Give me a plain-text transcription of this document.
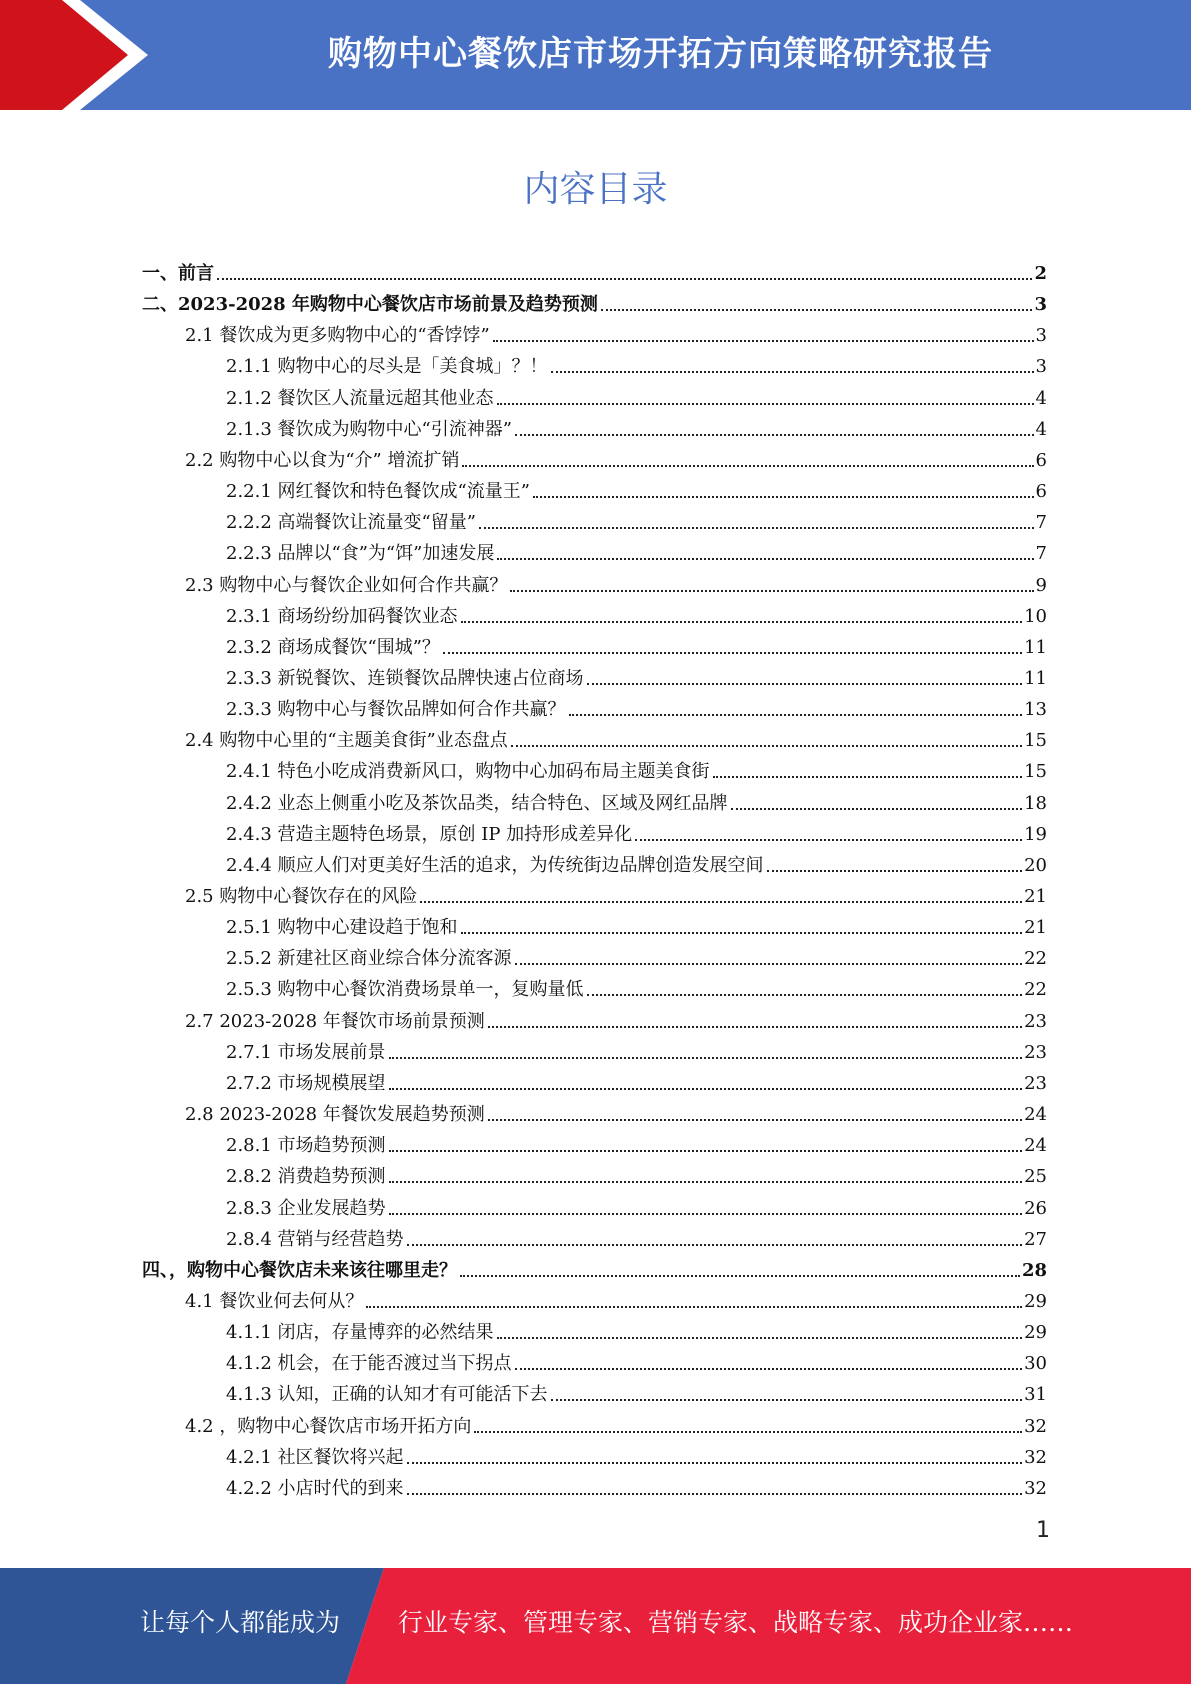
购物中心餐饮店市场开拓方向策略研究报告
内容目录
一、前言	2
二、2023-2028 年购物中心餐饮店市场前景及趋势预测	3
2.1 餐饮成为更多购物中心的“香饽饽”	3
2.1.1 购物中心的尽头是「美食城」？！	3
2.1.2 餐饮区人流量远超其他业态	4
2.1.3 餐饮成为购物中心“引流神器”	4
2.2 购物中心以食为“介” 增流扩销	6
2.2.1 网红餐饮和特色餐饮成“流量王”	6
2.2.2 高端餐饮让流量变“留量”	7
2.2.3 品牌以“食”为“饵”加速发展	7
2.3 购物中心与餐饮企业如何合作共赢？	9
2.3.1 商场纷纷加码餐饮业态	10
2.3.2 商场成餐饮“围城”？	11
2.3.3 新锐餐饮、连锁餐饮品牌快速占位商场	11
2.3.3 购物中心与餐饮品牌如何合作共赢？	13
2.4 购物中心里的“主题美食街”业态盘点	15
2.4.1 特色小吃成消费新风口，购物中心加码布局主题美食街	15
2.4.2 业态上侧重小吃及茶饮品类，结合特色、区域及网红品牌	18
2.4.3 营造主题特色场景，原创 IP 加持形成差异化	19
2.4.4 顺应人们对更美好生活的追求，为传统街边品牌创造发展空间	20
2.5 购物中心餐饮存在的风险	21
2.5.1 购物中心建设趋于饱和	21
2.5.2 新建社区商业综合体分流客源	22
2.5.3 购物中心餐饮消费场景单一，复购量低	22
2.7 2023-2028 年餐饮市场前景预测	23
2.7.1 市场发展前景	23
2.7.2 市场规模展望	23
2.8 2023-2028 年餐饮发展趋势预测	24
2.8.1 市场趋势预测	24
2.8.2 消费趋势预测	25
2.8.3 企业发展趋势	26
2.8.4 营销与经营趋势	27
四、，购物中心餐饮店未来该往哪里走？	28
4.1 餐饮业何去何从？	29
4.1.1 闭店，存量博弈的必然结果	29
4.1.2 机会，在于能否渡过当下拐点	30
4.1.3 认知，正确的认知才有可能活下去	31
4.2 ，购物中心餐饮店市场开拓方向	32
4.2.1 社区餐饮将兴起	32
4.2.2 小店时代的到来	32
1
让每个人都能成为 行业专家、管理专家、营销专家、战略专家、成功企业家……
